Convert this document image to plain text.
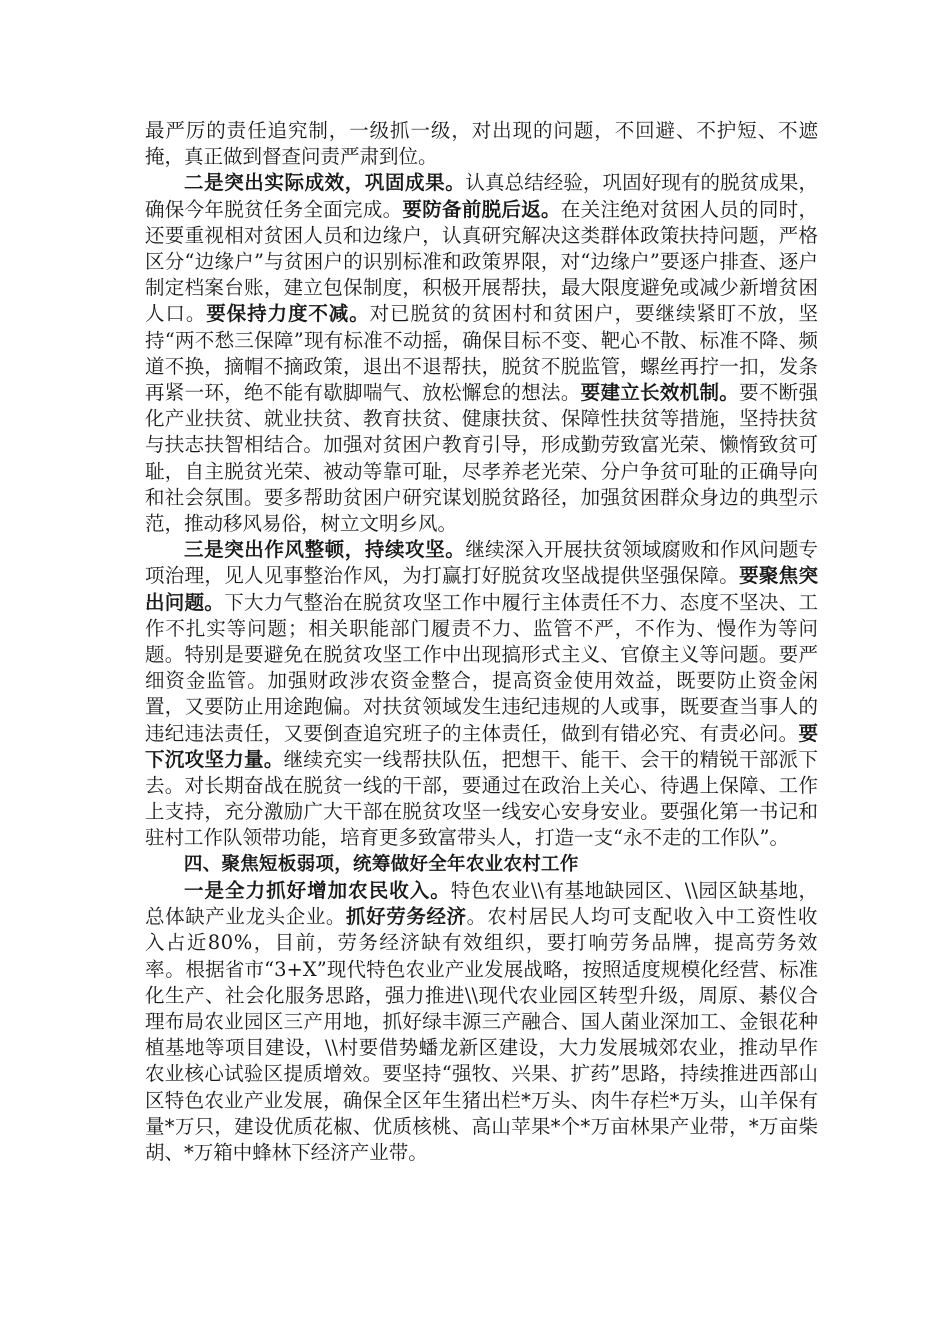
最严厉的责任追究制，一级抓一级，对出现的问题，不回避、不护短、不遮掩，真正做到督查问责严肃到位。

二是突出实际成效，巩固成果。认真总结经验，巩固好现有的脱贫成果，确保今年脱贫任务全面完成。要防备前脱后返。在关注绝对贫困人员的同时，还要重视相对贫困人员和边缘户，认真研究解决这类群体政策扶持问题，严格区分“边缘户”与贫困户的识别标准和政策界限，对“边缘户”要逐户排查、逐户制定档案台账，建立包保制度，积极开展帮扶，最大限度避免或减少新增贫困人口。要保持力度不减。对已脱贫的贫困村和贫困户，要继续紧盯不放，坚持“两不愁三保障”现有标准不动摇，确保目标不变、靶心不散、标准不降、频道不换，摘帽不摘政策，退出不退帮扶，脱贫不脱监管，螺丝再拧一扣，发条再紧一环，绝不能有歇脚喘气、放松懈怠的想法。要建立长效机制。要不断强化产业扶贫、就业扶贫、教育扶贫、健康扶贫、保障性扶贫等措施，坚持扶贫与扶志扶智相结合。加强对贫困户教育引导，形成勤劳致富光荣、懒惰致贫可耻，自主脱贫光荣、被动等靠可耻，尽孝养老光荣、分户争贫可耻的正确导向和社会氛围。要多帮助贫困户研究谋划脱贫路径，加强贫困群众身边的典型示范，推动移风易俗，树立文明乡风。

三是突出作风整顿，持续攻坚。继续深入开展扶贫领域腐败和作风问题专项治理，见人见事整治作风，为打赢打好脱贫攻坚战提供坚强保障。要聚焦突出问题。下大力气整治在脱贫攻坚工作中履行主体责任不力、态度不坚决、工作不扎实等问题；相关职能部门履责不力、监管不严，不作为、慢作为等问题。特别是要避免在脱贫攻坚工作中出现搞形式主义、官僚主义等问题。要严细资金监管。加强财政涉农资金整合，提高资金使用效益，既要防止资金闲置，又要防止用途跑偏。对扶贫领域发生违纪违规的人或事，既要查当事人的违纪违法责任，又要倒查追究班子的主体责任，做到有错必究、有责必问。要下沉攻坚力量。继续充实一线帮扶队伍，把想干、能干、会干的精锐干部派下去。对长期奋战在脱贫一线的干部，要通过在政治上关心、待遇上保障、工作上支持，充分激励广大干部在脱贫攻坚一线安心安身安业。要强化第一书记和驻村工作队领带功能，培育更多致富带头人，打造一支“永不走的工作队”。

四、聚焦短板弱项，统筹做好全年农业农村工作

一是全力抓好增加农民收入。特色农业\\有基地缺园区、\\园区缺基地，总体缺产业龙头企业。抓好劳务经济。农村居民人均可支配收入中工资性收入占近80%，目前，劳务经济缺有效组织，要打响劳务品牌，提高劳务效率。根据省市“3+X”现代特色农业产业发展战略，按照适度规模化经营、标准化生产、社会化服务思路，强力推进\\现代农业园区转型升级，周原、綦仪合理布局农业园区三产用地，抓好绿丰源三产融合、国人菌业深加工、金银花种植基地等项目建设，\\村要借势蟠龙新区建设，大力发展城郊农业，推动早作农业核心试验区提质增效。要坚持“强牧、兴果、扩药”思路，持续推进西部山区特色农业产业发展，确保全区年生猪出栏*万头、肉牛存栏*万头，山羊保有量*万只，建设优质花椒、优质核桃、高山苹果*个*万亩林果产业带，*万亩柴胡、*万箱中蜂林下经济产业带。
